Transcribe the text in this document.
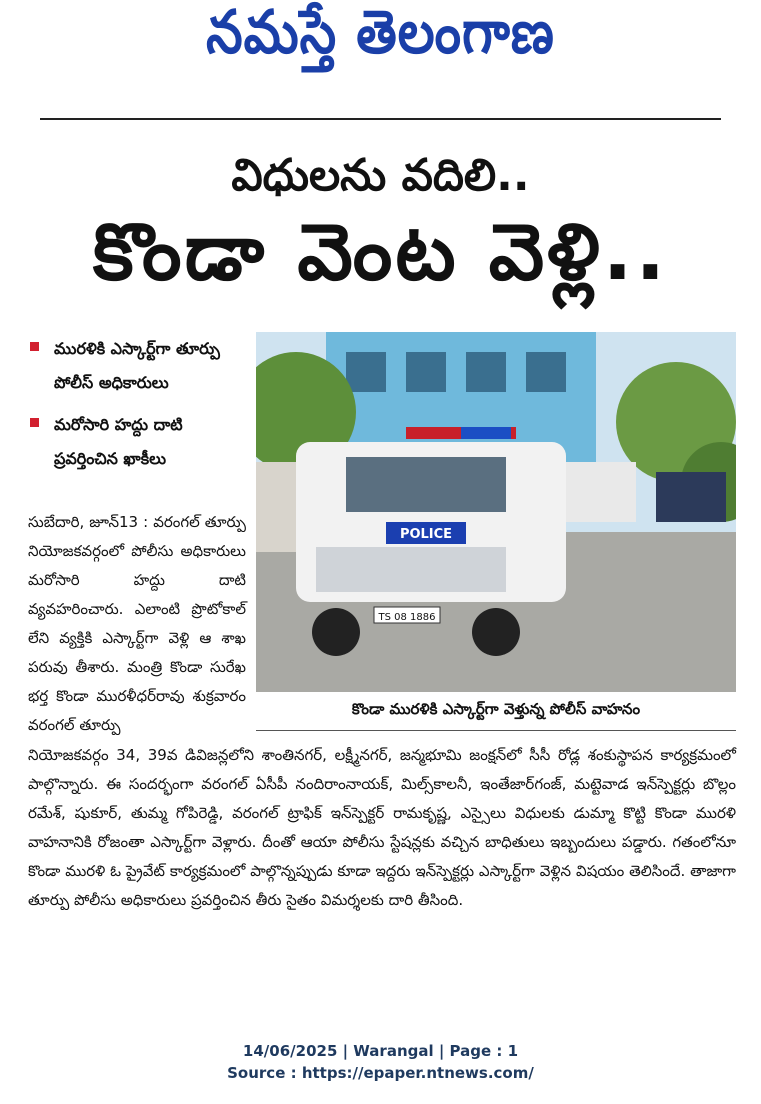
నమస్తే తెలంగాణ
విధులను వదిలి..
కొండా వెంట వెళ్లి..
మురళికి ఎస్కార్ట్‌గా తూర్పు పోలీస్ అధికారులు
మరోసారి హద్దు దాటి ప్రవర్తించిన ఖాకీలు
సుబేదారి, జూన్13 : వరంగల్ తూర్పు నియోజకవర్గంలో పోలీసు అధికారులు మరోసారి హద్దు దాటి వ్యవహరించారు. ఎలాంటి ప్రొటోకాల్ లేని వ్యక్తికి ఎస్కార్ట్‌గా వెళ్లి ఆ శాఖ పరువు తీశారు. మంత్రి కొండా సురేఖ భర్త కొండా మురళీధర్‌రావు శుక్రవారం వరంగల్ తూర్పు
POLICE
TS 08 1886
కొండా మురళికి ఎస్కార్ట్‌గా వెళ్తున్న పోలీస్ వాహనం
నియోజకవర్గం 34, 39వ డివిజన్లలోని శాంతినగర్, లక్ష్మీనగర్, జన్మభూమి జంక్షన్‌లో సీసీ రోడ్ల శంకుస్థాపన కార్యక్రమంలో పాల్గొన్నారు. ఈ సందర్భంగా వరంగల్ ఏసీపీ నందిరాంనాయక్, మిల్స్‌కాలనీ, ఇంతేజార్‌గంజ్, మట్టెవాడ ఇన్‌స్పెక్టర్లు బొల్లం రమేశ్, షుకూర్, తుమ్మ గోపిరెడ్డి, వరంగల్ ట్రాఫిక్ ఇన్‌స్పెక్టర్ రామకృష్ణ, ఎస్సైలు విధులకు డుమ్మా కొట్టి కొండా మురళి వాహనానికి రోజంతా ఎస్కార్ట్‌గా వెళ్లారు. దీంతో ఆయా పోలీసు స్టేషన్లకు వచ్చిన బాధితులు ఇబ్బందులు పడ్డారు. గతంలోనూ కొండా మురళి ఓ ప్రైవేట్ కార్యక్రమంలో పాల్గొన్నప్పుడు కూడా ఇద్దరు ఇన్‌స్పెక్టర్లు ఎస్కార్ట్‌గా వెళ్లిన విషయం తెలిసిందే. తాజాగా తూర్పు పోలీసు అధికారులు ప్రవర్తించిన తీరు సైతం విమర్శలకు దారి తీసింది.
14/06/2025 | Warangal | Page : 1
Source : https://epaper.ntnews.com/
